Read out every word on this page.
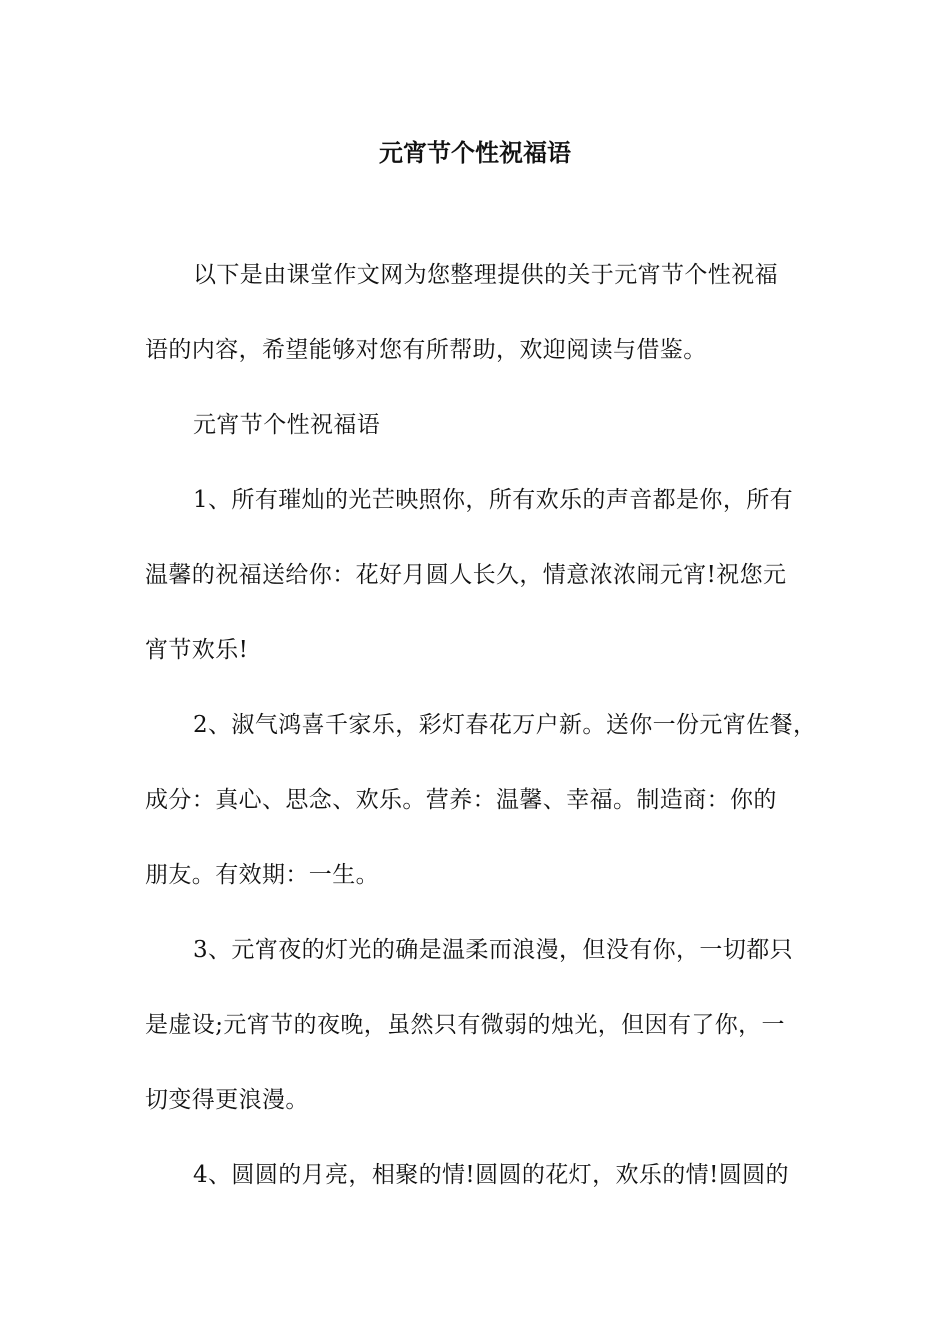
元宵节个性祝福语
以下是由课堂作文网为您整理提供的关于元宵节个性祝福
语的内容，希望能够对您有所帮助，欢迎阅读与借鉴。
元宵节个性祝福语
1、所有璀灿的光芒映照你，所有欢乐的声音都是你，所有
温馨的祝福送给你：花好月圆人长久，情意浓浓闹元宵!祝您元
宵节欢乐!
2、淑气鸿喜千家乐，彩灯春花万户新。送你一份元宵佐餐，
成分：真心、思念、欢乐。营养：温馨、幸福。制造商：你的
朋友。有效期：一生。
3、元宵夜的灯光的确是温柔而浪漫，但没有你，一切都只
是虚设;元宵节的夜晚，虽然只有微弱的烛光，但因有了你，一
切变得更浪漫。
4、圆圆的月亮，相聚的情!圆圆的花灯，欢乐的情!圆圆的
